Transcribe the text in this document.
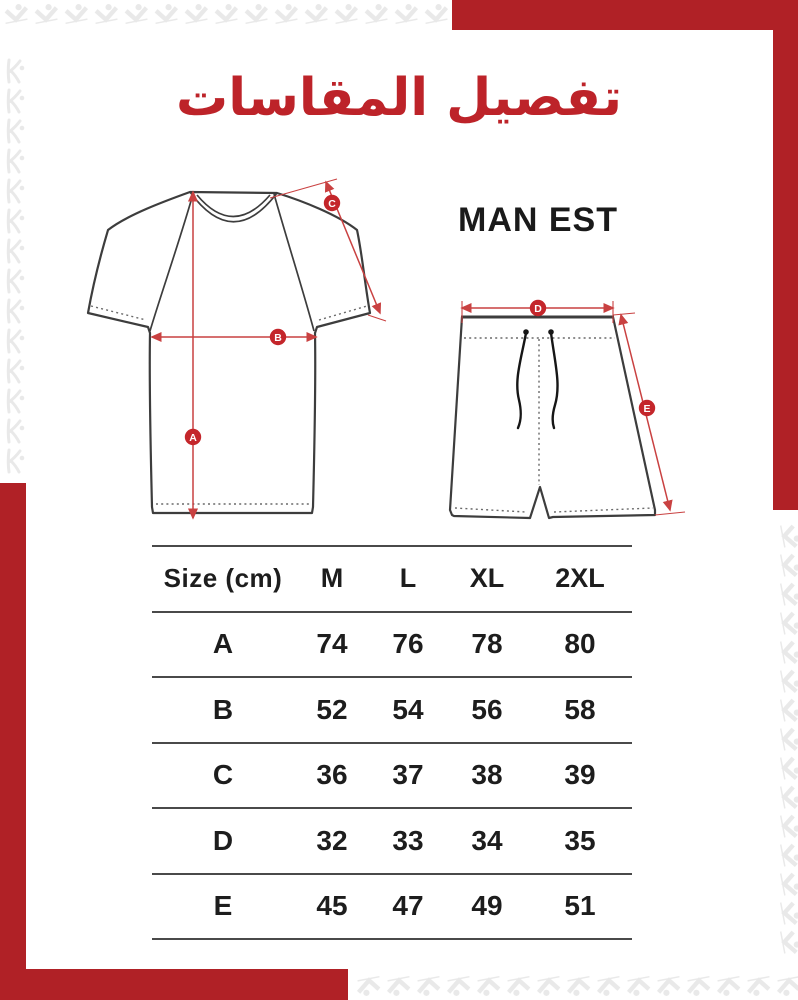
تفصيل المقاسات
MAN EST
A
B
C
D
E
Size (cm)	M	L	XL	2XL
A	74	76	78	80
B	52	54	56	58
C	36	37	38	39
D	32	33	34	35
E	45	47	49	51
